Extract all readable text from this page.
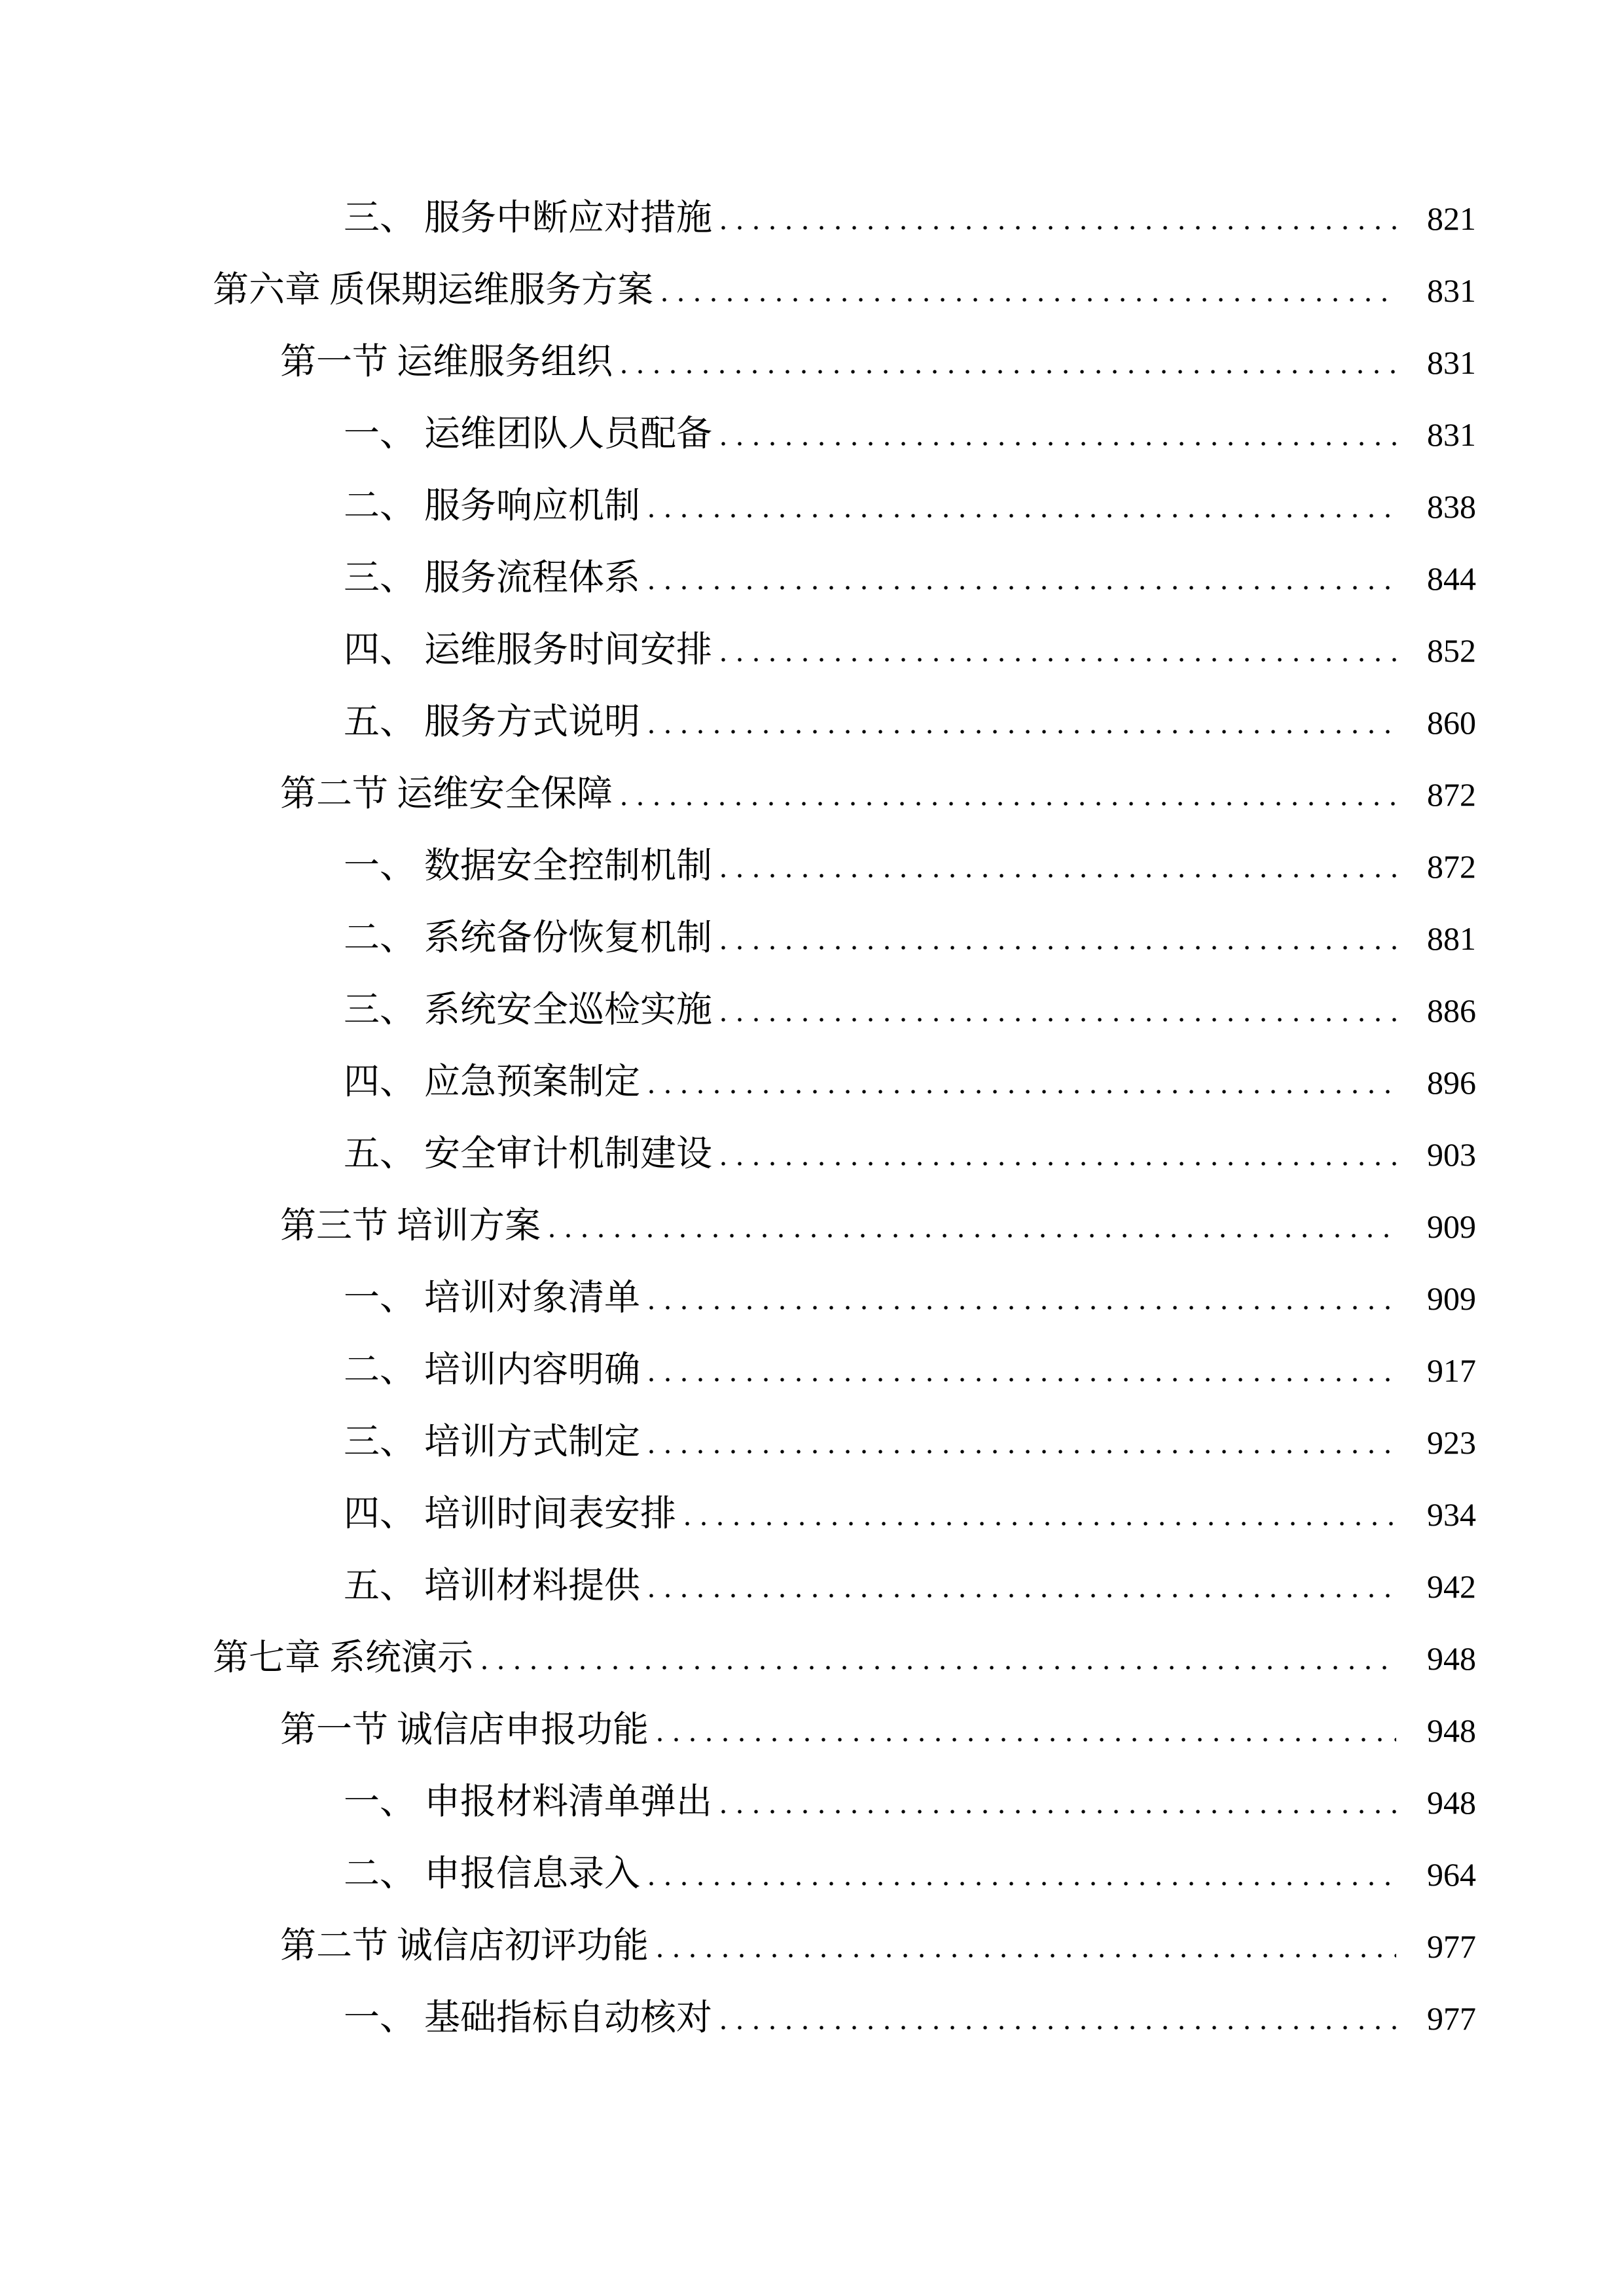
三、 服务中断应对措施	821
第六章 质保期运维服务方案	831
第一节 运维服务组织	831
一、 运维团队人员配备	831
二、 服务响应机制	838
三、 服务流程体系	844
四、 运维服务时间安排	852
五、 服务方式说明	860
第二节 运维安全保障	872
一、 数据安全控制机制	872
二、 系统备份恢复机制	881
三、 系统安全巡检实施	886
四、 应急预案制定	896
五、 安全审计机制建设	903
第三节 培训方案	909
一、 培训对象清单	909
二、 培训内容明确	917
三、 培训方式制定	923
四、 培训时间表安排	934
五、 培训材料提供	942
第七章 系统演示	948
第一节 诚信店申报功能	948
一、 申报材料清单弹出	948
二、 申报信息录入	964
第二节 诚信店初评功能	977
一、 基础指标自动核对	977
